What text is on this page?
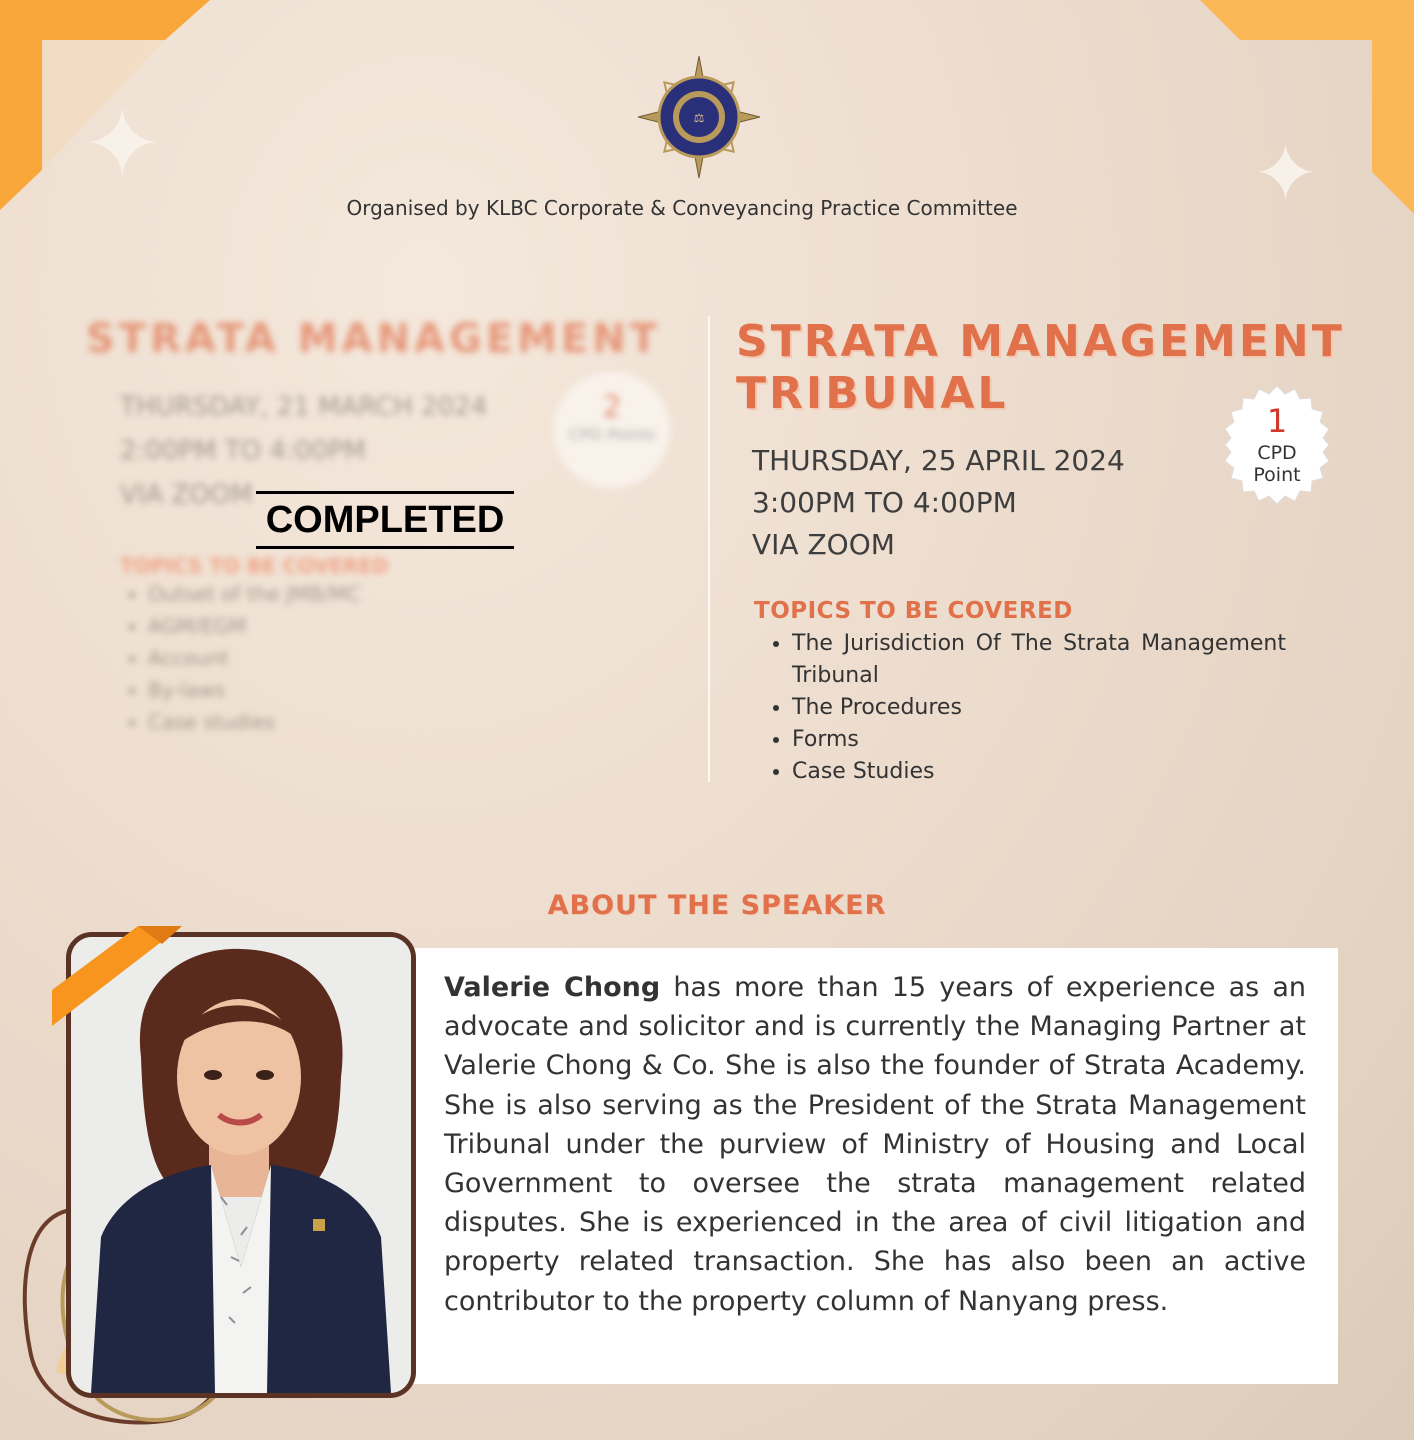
✦	✦
⚖
Organised by KLBC Corporate & Conveyancing Practice Committee
STRATA MANAGEMENT
THURSDAY, 21 MARCH 2024
2:00PM TO 4:00PM
VIA ZOOM
2
CPD Points
TOPICS TO BE COVERED
• Outset of the JMB/MC
• AGM/EGM
• Account
• By-laws
• Case studies
COMPLETED
STRATA MANAGEMENT
TRIBUNAL
THURSDAY, 25 APRIL 2024
3:00PM TO 4:00PM
VIA ZOOM
1
CPD
Point
TOPICS TO BE COVERED
• The Jurisdiction Of The Strata Management Tribunal
• The Procedures
• Forms
• Case Studies
ABOUT THE SPEAKER
Valerie Chong has more than 15 years of experience as an advocate and solicitor and is currently the Managing Partner at Valerie Chong & Co. She is also the founder of Strata Academy. She is also serving as the President of the Strata Management Tribunal under the purview of Ministry of Housing and Local Government to oversee the strata management related disputes. She is experienced in the area of civil litigation and property related transaction. She has also been an active contributor to the property column of Nanyang press.
